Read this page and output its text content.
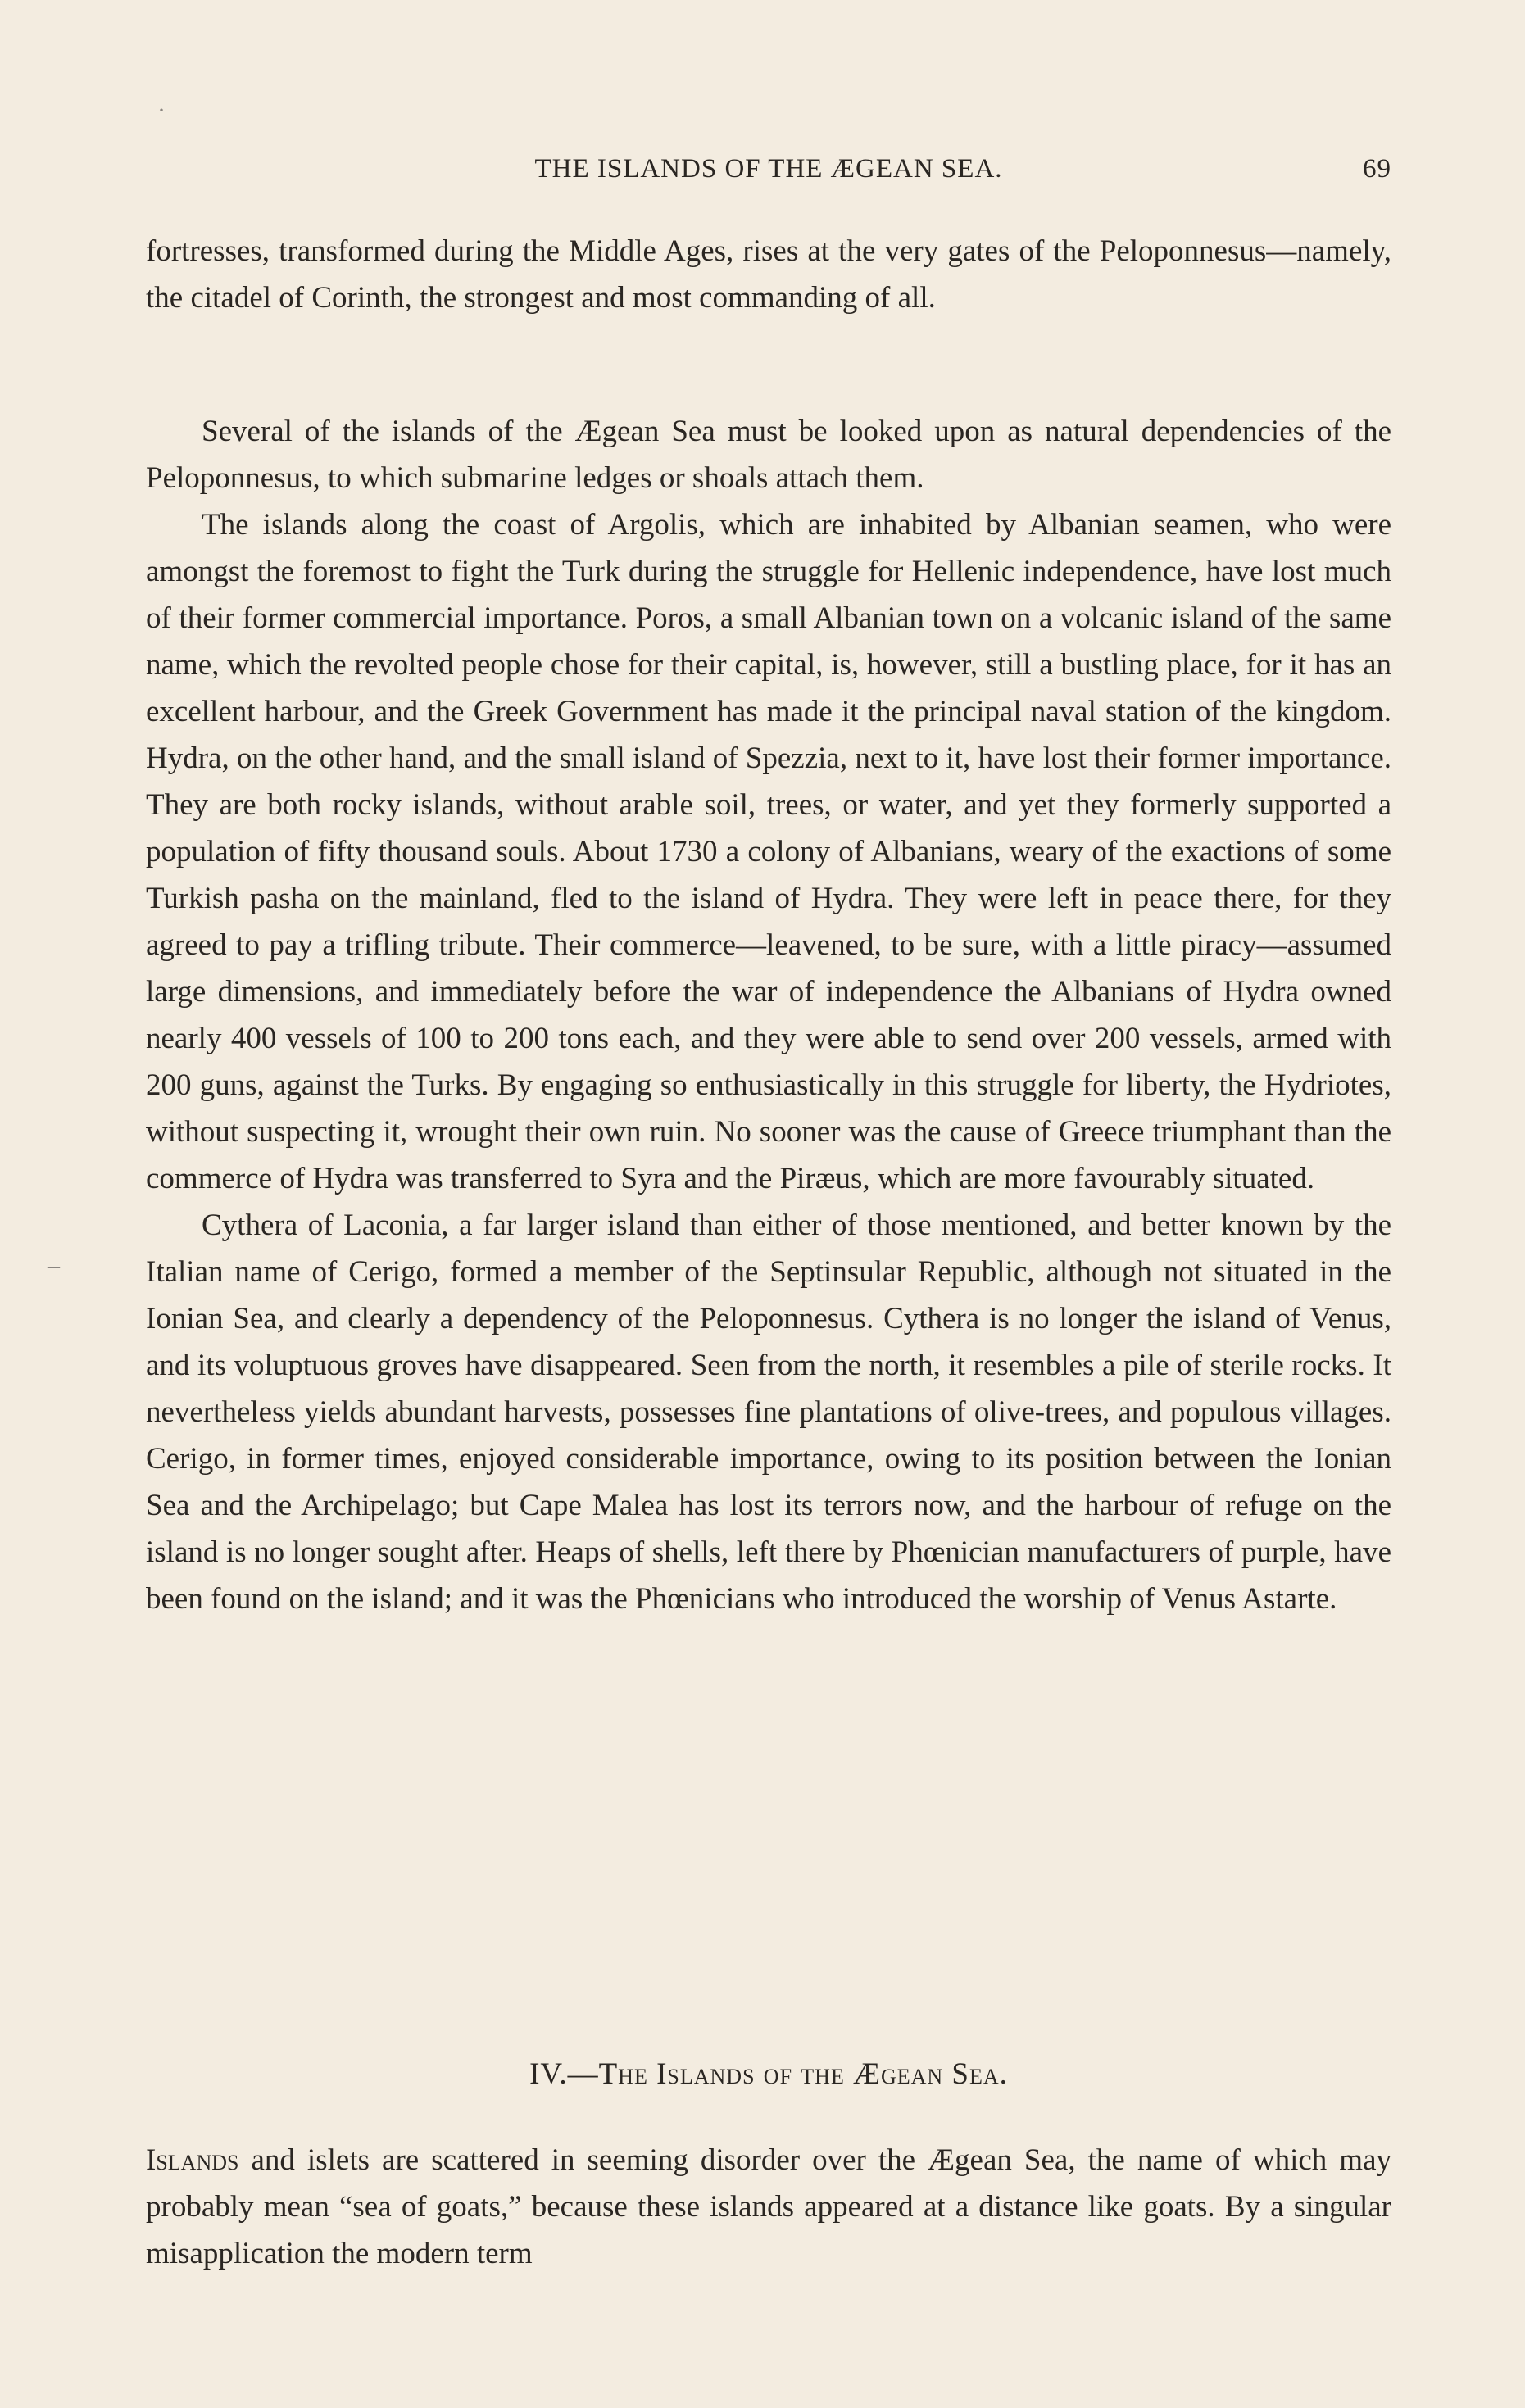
·
THE ISLANDS OF THE ÆGEAN SEA.	69

fortresses, transformed during the Middle Ages, rises at the very gates of the Peloponnesus—namely, the citadel of Corinth, the strongest and most commanding of all.

Several of the islands of the Ægean Sea must be looked upon as natural dependencies of the Peloponnesus, to which submarine ledges or shoals attach them.

The islands along the coast of Argolis, which are inhabited by Albanian seamen, who were amongst the foremost to fight the Turk during the struggle for Hellenic independence, have lost much of their former commercial importance. Poros, a small Albanian town on a volcanic island of the same name, which the revolted people chose for their capital, is, however, still a bustling place, for it has an excellent harbour, and the Greek Government has made it the principal naval station of the kingdom. Hydra, on the other hand, and the small island of Spezzia, next to it, have lost their former importance. They are both rocky islands, without arable soil, trees, or water, and yet they formerly supported a population of fifty thousand souls. About 1730 a colony of Albanians, weary of the exactions of some Turkish pasha on the mainland, fled to the island of Hydra. They were left in peace there, for they agreed to pay a trifling tribute. Their commerce—leavened, to be sure, with a little piracy—assumed large dimensions, and immediately before the war of independence the Albanians of Hydra owned nearly 400 vessels of 100 to 200 tons each, and they were able to send over 200 vessels, armed with 200 guns, against the Turks. By engaging so enthusiastically in this struggle for liberty, the Hydriotes, without suspecting it, wrought their own ruin. No sooner was the cause of Greece triumphant than the commerce of Hydra was transferred to Syra and the Piræus, which are more favourably situated.

Cythera of Laconia, a far larger island than either of those mentioned, and better known by the Italian name of Cerigo, formed a member of the Septinsular Republic, although not situated in the Ionian Sea, and clearly a dependency of the Peloponnesus. Cythera is no longer the island of Venus, and its voluptuous groves have disappeared. Seen from the north, it resembles a pile of sterile rocks. It nevertheless yields abundant harvests, possesses fine plantations of olive-trees, and populous villages. Cerigo, in former times, enjoyed considerable importance, owing to its position between the Ionian Sea and the Archipelago; but Cape Malea has lost its terrors now, and the harbour of refuge on the island is no longer sought after. Heaps of shells, left there by Phœnician manufacturers of purple, have been found on the island; and it was the Phœnicians who introduced the worship of Venus Astarte.

–
IV.—The Islands of the Ægean Sea.

Islands and islets are scattered in seeming disorder over the Ægean Sea, the name of which may probably mean “sea of goats,” because these islands appeared at a distance like goats. By a singular misapplication the modern term
